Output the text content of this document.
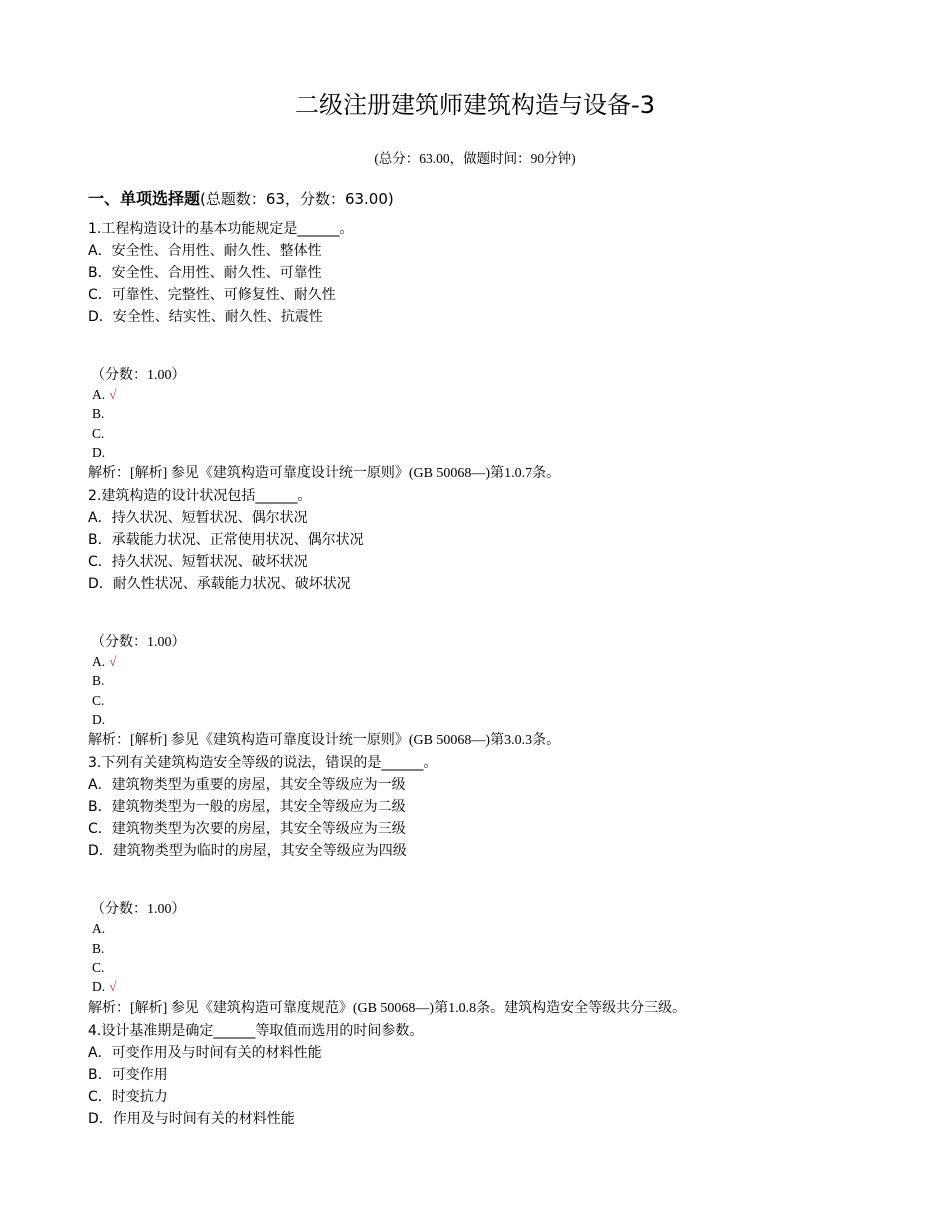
二级注册建筑师建筑构造与设备-3
(总分：63.00，做题时间：90分钟)
一、单项选择题(总题数：63，分数：63.00)
1.工程构造设计的基本功能规定是______。
A．安全性、合用性、耐久性、整体性
B．安全性、合用性、耐久性、可靠性
C．可靠性、完整性、可修复性、耐久性
D．安全性、结实性、耐久性、抗震性
（分数：1.00）
A. √
B.
C.
D.
解析：[解析] 参见《建筑构造可靠度设计统一原则》(GB 50068—)第1.0.7条。
2.建筑构造的设计状况包括______。
A．持久状况、短暂状况、偶尔状况
B．承载能力状况、正常使用状况、偶尔状况
C．持久状况、短暂状况、破坏状况
D．耐久性状况、承载能力状况、破坏状况
（分数：1.00）
A. √
B.
C.
D.
解析：[解析] 参见《建筑构造可靠度设计统一原则》(GB 50068—)第3.0.3条。
3.下列有关建筑构造安全等级的说法，错误的是______。
A．建筑物类型为重要的房屋，其安全等级应为一级
B．建筑物类型为一般的房屋，其安全等级应为二级
C．建筑物类型为次要的房屋，其安全等级应为三级
D．建筑物类型为临时的房屋，其安全等级应为四级
（分数：1.00）
A.
B.
C.
D. √
解析：[解析] 参见《建筑构造可靠度规范》(GB 50068—)第1.0.8条。建筑构造安全等级共分三级。
4.设计基准期是确定______等取值而选用的时间参数。
A．可变作用及与时间有关的材料性能
B．可变作用
C．时变抗力
D．作用及与时间有关的材料性能
